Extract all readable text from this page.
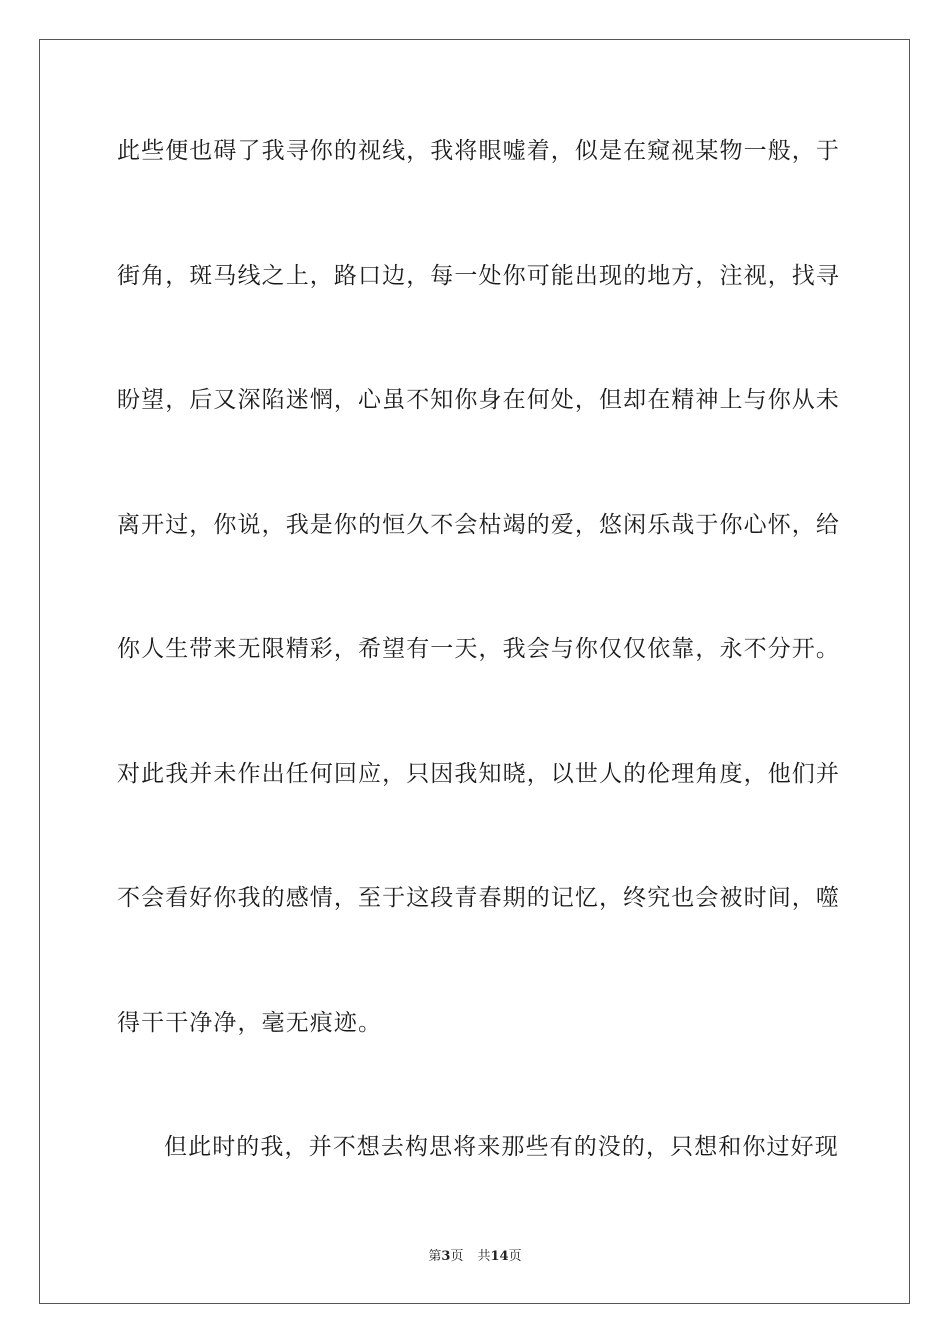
此些便也碍了我寻你的视线，我将眼嘘着，似是在窥视某物一般，于
街角，斑马线之上，路口边，每一处你可能出现的地方，注视，找寻
盼望，后又深陷迷惘，心虽不知你身在何处，但却在精神上与你从未
离开过，你说，我是你的恒久不会枯竭的爱，悠闲乐哉于你心怀，给
你人生带来无限精彩，希望有一天，我会与你仅仅依靠，永不分开。
对此我并未作出任何回应，只因我知晓，以世人的伦理角度，他们并
不会看好你我的感情，至于这段青春期的记忆，终究也会被时间，噬
得干干净净，毫无痕迹。
但此时的我，并不想去构思将来那些有的没的，只想和你过好现
第3页 共14页
